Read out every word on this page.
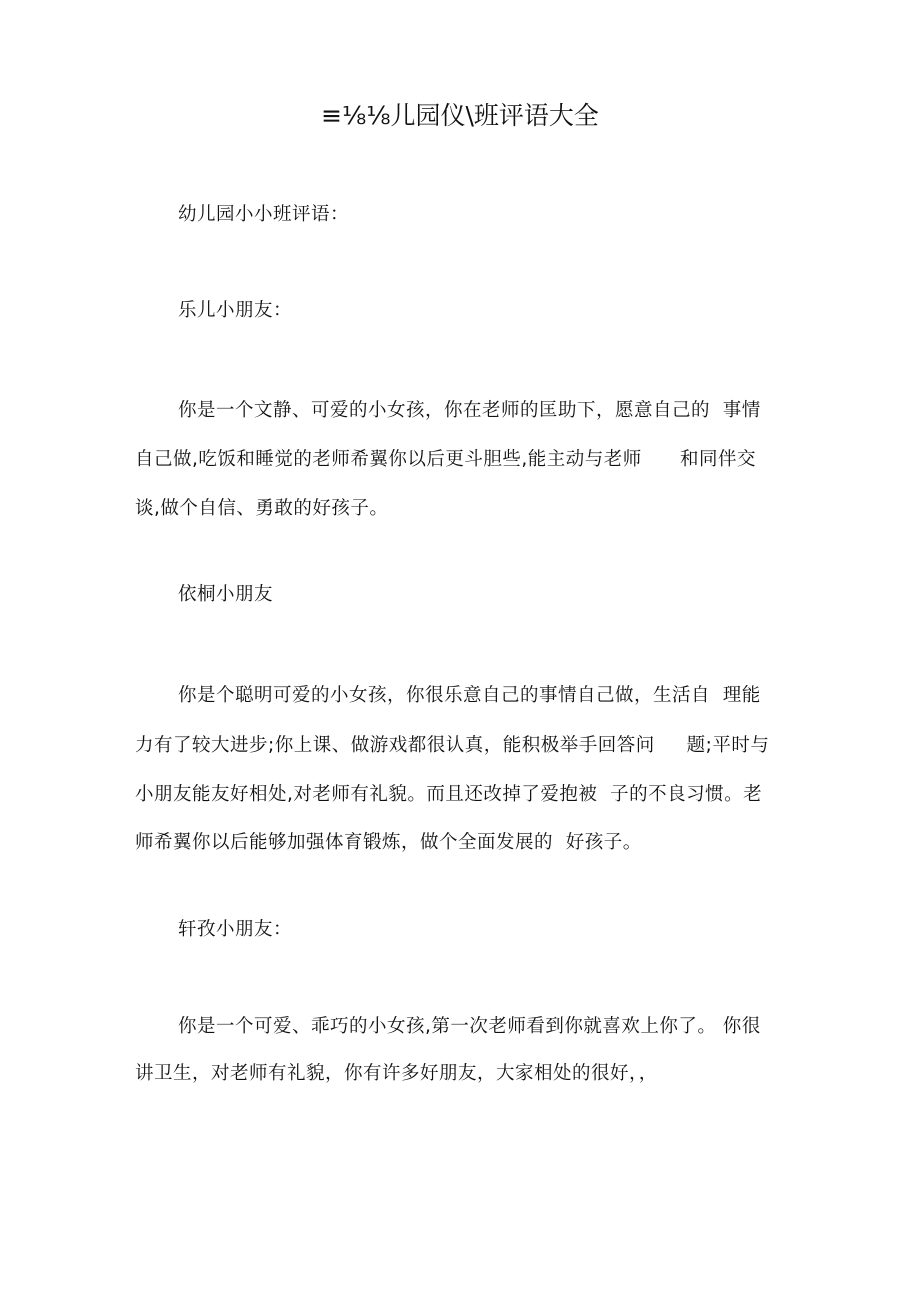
≡⅛⅛儿园仪\班评语大全
幼儿园小小班评语：
乐儿小朋友：
你是一个文静、可爱的小女孩，你在老师的匡助下，愿意自己的  事情
自己做,吃饭和睡觉的老师希翼你以后更斗胆些,能主动与老师      和同伴交
谈,做个自信、勇敢的好孩子。
依桐小朋友
你是个聪明可爱的小女孩，你很乐意自己的事情自己做，生活自  理能
力有了较大进步;你上课、做游戏都很认真，能积极举手回答问     题;平时与
小朋友能友好相处,对老师有礼貌。而且还改掉了爱抱被  子的不良习惯。老
师希翼你以后能够加强体育锻炼，做个全面发展的  好孩子。
轩孜小朋友：
你是一个可爱、乖巧的小女孩,第一次老师看到你就喜欢上你了。 你很
讲卫生，对老师有礼貌，你有许多好朋友，大家相处的很好，，
